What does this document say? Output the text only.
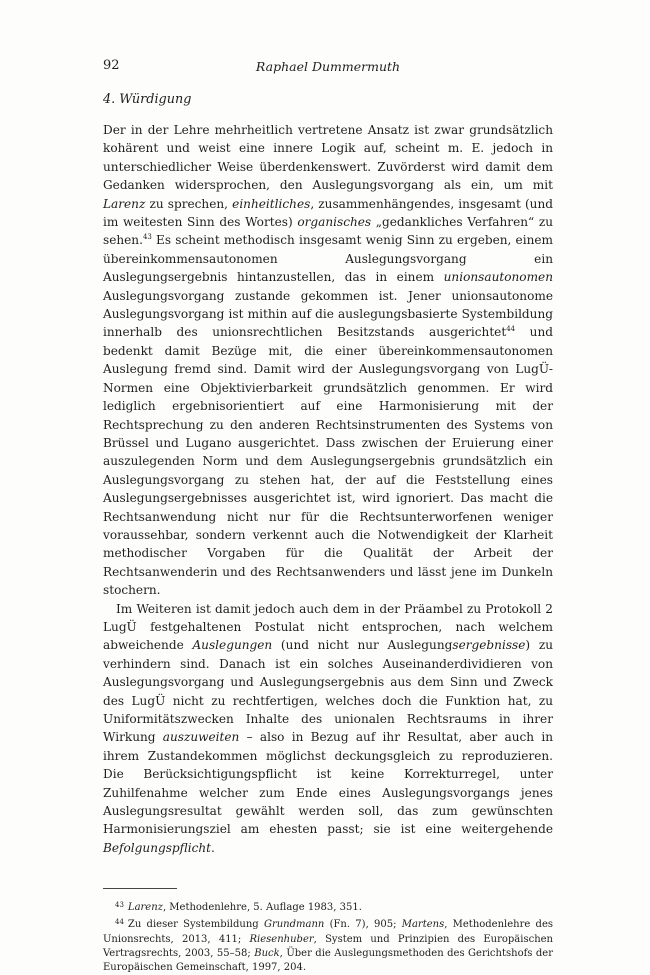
92	Raphael Dummermuth
4. Würdigung

Der in der Lehre mehrheitlich vertretene Ansatz ist zwar grundsätzlich kohärent und weist eine innere Logik auf, scheint m. E. jedoch in unterschiedlicher Weise überdenkenswert. Zuvörderst wird damit dem Gedanken widersprochen, den Auslegungsvorgang als ein, um mit Larenz zu sprechen, einheitliches, zusammenhängendes, insgesamt (und im weitesten Sinn des Wortes) organisches „gedankliches Verfahren“ zu sehen.$^{43}$ Es scheint methodisch insgesamt wenig Sinn zu ergeben, einem übereinkommensautonomen Auslegungsvorgang ein Auslegungsergebnis hintanzustellen, das in einem unionsautonomen Auslegungsvorgang zustande gekommen ist. Jener unionsautonome Auslegungsvorgang ist mithin auf die auslegungsbasierte Systembildung innerhalb des unionsrechtlichen Besitzstands ausgerichtet$^{44}$ und bedenkt damit Bezüge mit, die einer übereinkommensautonomen Auslegung fremd sind. Damit wird der Auslegungsvorgang von LugÜ-Normen eine Objektivierbarkeit grundsätzlich genommen. Er wird lediglich ergebnisorientiert auf eine Harmonisierung mit der Rechtsprechung zu den anderen Rechtsinstrumenten des Systems von Brüssel und Lugano ausgerichtet. Dass zwischen der Eruierung einer auszulegenden Norm und dem Auslegungsergebnis grundsätzlich ein Auslegungsvorgang zu stehen hat, der auf die Feststellung eines Auslegungsergebnisses ausgerichtet ist, wird ignoriert. Das macht die Rechtsanwendung nicht nur für die Rechtsunterworfenen weniger voraussehbar, sondern verkennt auch die Notwendigkeit der Klarheit methodischer Vorgaben für die Qualität der Arbeit der Rechtsanwenderin und des Rechtsanwenders und lässt jene im Dunkeln stochern.

Im Weiteren ist damit jedoch auch dem in der Präambel zu Protokoll 2 LugÜ festgehaltenen Postulat nicht entsprochen, nach welchem abweichende Auslegungen (und nicht nur Auslegungsergebnisse) zu verhindern sind. Danach ist ein solches Auseinanderdividieren von Auslegungsvorgang und Auslegungsergebnis aus dem Sinn und Zweck des LugÜ nicht zu rechtfertigen, welches doch die Funktion hat, zu Uniformitätszwecken Inhalte des unionalen Rechtsraums in ihrer Wirkung auszuweiten – also in Bezug auf ihr Resultat, aber auch in ihrem Zustandekommen möglichst deckungsgleich zu reproduzieren. Die Berücksichtigungspflicht ist keine Korrekturregel, unter Zuhilfenahme welcher zum Ende eines Auslegungsvorgangs jenes Auslegungsresultat gewählt werden soll, das zum gewünschten Harmonisierungsziel am ehesten passt; sie ist eine weitergehende Befolgungspflicht.

$^{43}$ Larenz, Methodenlehre, 5. Auflage 1983, 351.

$^{44}$ Zu dieser Systembildung Grundmann (Fn. 7), 905; Martens, Methodenlehre des Unionsrechts, 2013, 411; Riesenhuber, System und Prinzipien des Europäischen Vertragsrechts, 2003, 55–58; Buck, Über die Auslegungsmethoden des Gerichtshofs der Europäischen Gemeinschaft, 1997, 204.
